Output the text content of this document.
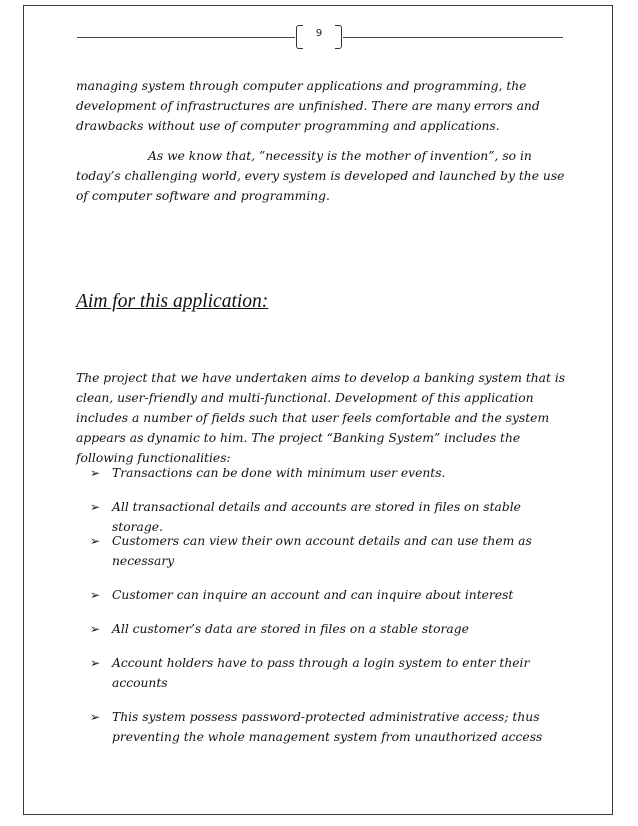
9

managing system through computer applications and programming, the development of infrastructures are unfinished. There are many errors and drawbacks without use of computer programming and applications.

As we know that, ”necessity is the mother of invention”, so in today’s challenging world, every system is developed and launched by the use of computer software and programming.

Aim for this application:

The project that we have undertaken aims to develop a banking system that is clean, user-friendly and multi-functional. Development of this application includes a number of fields such that user feels comfortable and the system appears as dynamic to him. The project “Banking System” includes the following functionalities:

➢ Transactions can be done with minimum user events.
➢ All transactional details and accounts are stored in files on stable storage.
➢ Customers can view their own account details and can use them as necessary
➢ Customer can inquire an account and can inquire about interest
➢ All customer’s data are stored in files on a stable storage
➢ Account holders have to pass through a login system to enter their accounts
➢ This system possess password-protected administrative access; thus preventing the whole management system from unauthorized access
